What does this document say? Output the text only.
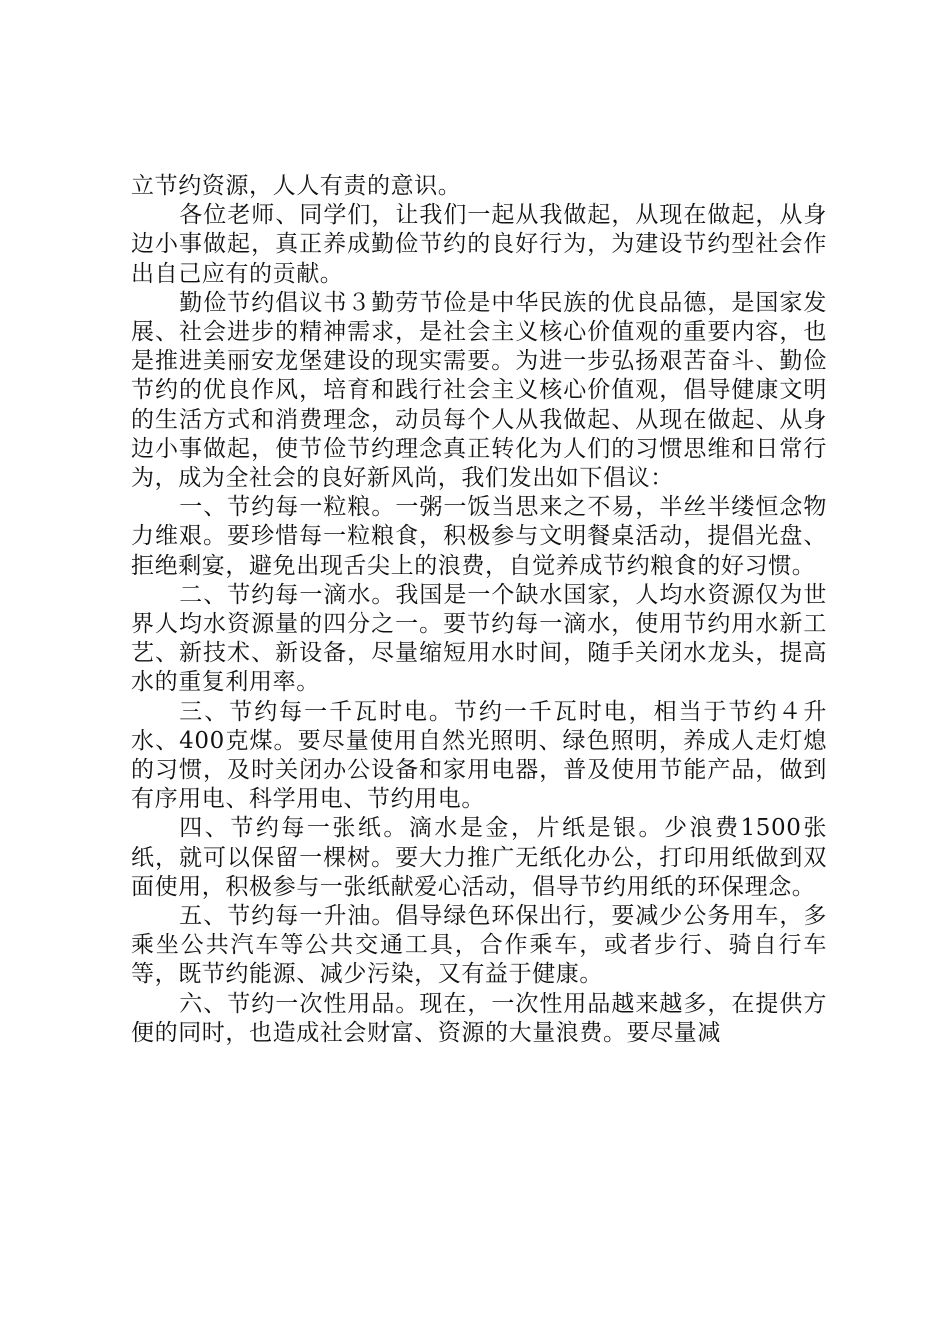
立节约资源，人人有责的意识。

各位老师、同学们，让我们一起从我做起，从现在做起，从身边小事做起，真正养成勤俭节约的良好行为，为建设节约型社会作出自己应有的贡献。

勤俭节约倡议书３勤劳节俭是中华民族的优良品德，是国家发展、社会进步的精神需求，是社会主义核心价值观的重要内容，也是推进美丽安龙堡建设的现实需要。为进一步弘扬艰苦奋斗、勤俭节约的优良作风，培育和践行社会主义核心价值观，倡导健康文明的生活方式和消费理念，动员每个人从我做起、从现在做起、从身边小事做起，使节俭节约理念真正转化为人们的习惯思维和日常行为，成为全社会的良好新风尚，我们发出如下倡议：

一、节约每一粒粮。一粥一饭当思来之不易，半丝半缕恒念物力维艰。要珍惜每一粒粮食，积极参与文明餐桌活动，提倡光盘、拒绝剩宴，避免出现舌尖上的浪费，自觉养成节约粮食的好习惯。

二、节约每一滴水。我国是一个缺水国家，人均水资源仅为世界人均水资源量的四分之一。要节约每一滴水，使用节约用水新工艺、新技术、新设备，尽量缩短用水时间，随手关闭水龙头，提高水的重复利用率。

三、节约每一千瓦时电。节约一千瓦时电，相当于节约４升水、400克煤。要尽量使用自然光照明、绿色照明，养成人走灯熄的习惯，及时关闭办公设备和家用电器，普及使用节能产品，做到有序用电、科学用电、节约用电。

四、节约每一张纸。滴水是金，片纸是银。少浪费1500张纸，就可以保留一棵树。要大力推广无纸化办公，打印用纸做到双面使用，积极参与一张纸献爱心活动，倡导节约用纸的环保理念。

五、节约每一升油。倡导绿色环保出行，要减少公务用车，多乘坐公共汽车等公共交通工具，合作乘车，或者步行、骑自行车等，既节约能源、减少污染，又有益于健康。

六、节约一次性用品。现在，一次性用品越来越多，在提供方便的同时，也造成社会财富、资源的大量浪费。要尽量减
